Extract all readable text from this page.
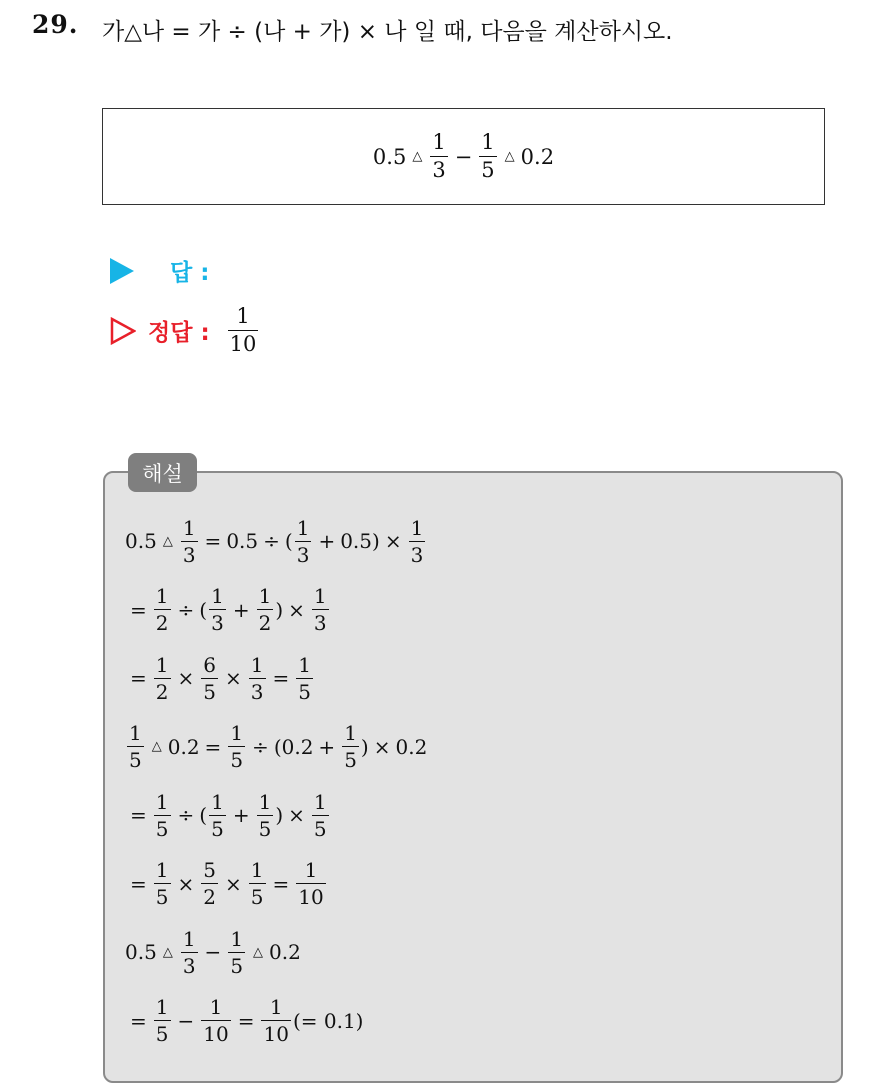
29. 가△나 = 가 ÷ (나 + 가) × 나 일 때, 다음을 계산하시오.
0.5 △ $\frac{1}{3} - \frac{1}{5}$ △ 0.2
답 :
정답 : $\frac{1}{10}$
해설
0.5 △ $\frac{1}{3} = 0.5$ ÷ ( $\frac{1}{3} + 0.5) \times \frac{1}{3}$
= $\frac{1}{2}$ ÷ ( $\frac{1}{3} + \frac{1}{2}$ ) × $\frac{1}{3}$
= $\frac{1}{2} \times \frac{6}{5} \times \frac{1}{3} = \frac{1}{5}$
$\frac{1}{5}$ △ $0.2 = \frac{1}{5} \div (0.2 + \frac{1}{5}$ ) × 0.2
= $\frac{1}{5}$ ÷ ( $\frac{1}{5} + \frac{1}{5}$ ) × $\frac{1}{5}$
= $\frac{1}{5} \times \frac{5}{2} \times \frac{1}{5} = \frac{1}{10}$
0.5 △ $\frac{1}{3} - \frac{1}{5}$ △ 0.2
= $\frac{1}{5} - \frac{1}{10} = \frac{1}{10}$ (= 0.1)
